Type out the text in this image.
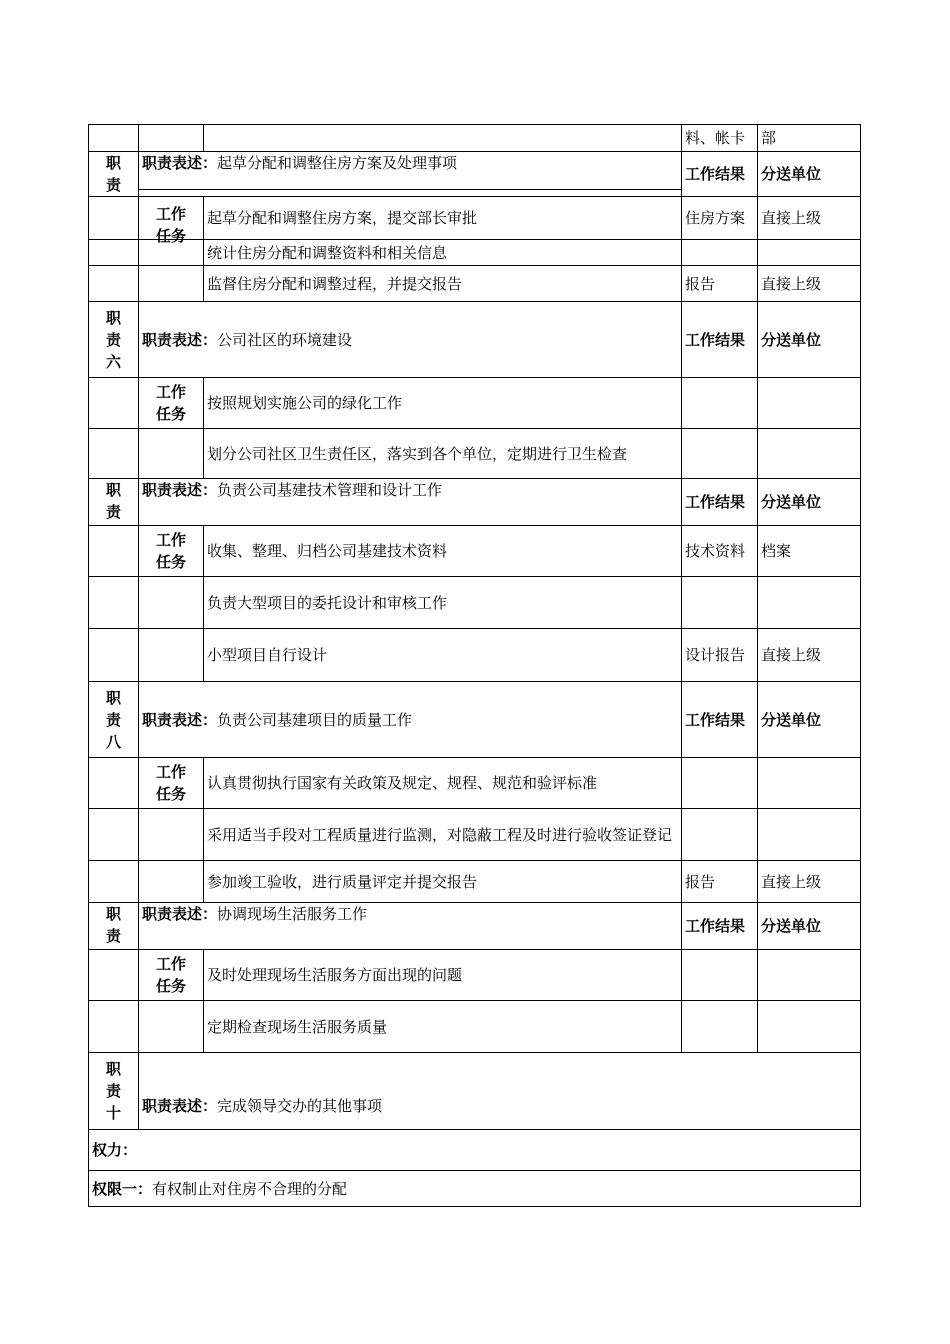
			料、帐卡	部

职
责	职责表述：起草分配和调整住房方案及处理事项		工作结果	分送单位

	工作
任务	起草分配和调整住房方案，提交部长审批	住房方案	直接上级
		统计住房分配和调整资料和相关信息		
		监督住房分配和调整过程，并提交报告	报告	直接上级

职
责
六	职责表述：公司社区的环境建设		工作结果	分送单位

	工作
任务	按照规划实施公司的绿化工作		
		划分公司社区卫生责任区，落实到各个单位，定期进行卫生检查		

职
责	职责表述：负责公司基建技术管理和设计工作		工作结果	分送单位

	工作
任务	收集、整理、归档公司基建技术资料	技术资料	档案
		负责大型项目的委托设计和审核工作		
		小型项目自行设计	设计报告	直接上级

职
责
八	职责表述：负责公司基建项目的质量工作		工作结果	分送单位

	工作
任务	认真贯彻执行国家有关政策及规定、规程、规范和验评标准		
		采用适当手段对工程质量进行监测，对隐蔽工程及时进行验收签证登记		
		参加竣工验收，进行质量评定并提交报告	报告	直接上级

职
责	职责表述：协调现场生活服务工作		工作结果	分送单位

	工作
任务	及时处理现场生活服务方面出现的问题		
		定期检查现场生活服务质量		

职
责
十	职责表述：完成领导交办的其他事项			
权力：				
权限一：有权制止对住房不合理的分配				
